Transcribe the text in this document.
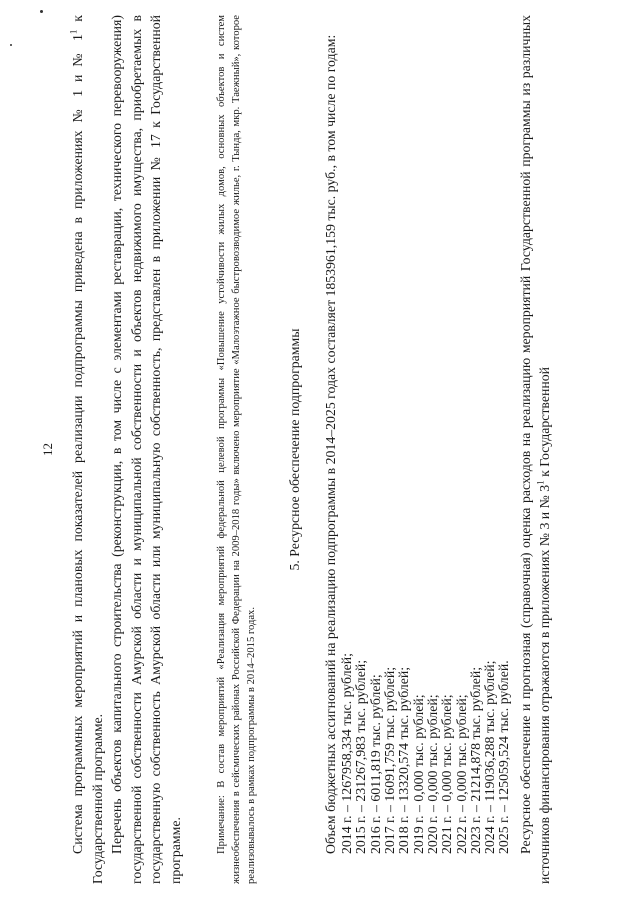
12	Система программных мероприятий и плановых показателей реализации подпрограммы приведена в приложениях № 1 и № $1^1$ к Государственной программе. Перечень объектов капитального строительства (реконструкции, в том числе с элементами реставрации, технического перевооружения) государственной собственности Амурской области и муниципальной собственности и объектов недвижимого имущества, приобретаемых в государственную собственность Амурской области или муниципальную собственность, представлен в приложении № 17 к Государственной программе.	Примечание: В состав мероприятий «Реализация мероприятий федеральной целевой программы «Повышение устойчивости жилых домов, основных объектов и систем жизнеобеспечения в сейсмических районах Российской Федерации на 2009–2018 годы» включено мероприятие «Малоэтажное быстровозводимое жилье, г. Тында, мкр. Таежный», которое реализовывалось в рамках подпрограммы в 2014–2015 годах.

5. Ресурсное обеспечение подпрограммы Объем бюджетных ассигнований на реализацию подпрограммы в 2014–2025 годах составляет 1853961,159 тыс. руб., в том числе по годам: 2014 г. – 1267958,334 тыс. рублей; 2015 г. – 231267,983 тыс. рублей; 2016 г. – 6011,819 тыс. рублей; 2017 г. – 16091,759 тыс. рублей; 2018 г. – 13320,574 тыс. рублей; 2019 г. – 0,000 тыс. рублей; 2020 г. – 0,000 тыс. рублей; 2021 г. – 0,000 тыс. рублей; 2022 г. – 0,000 тыс. рублей; 2023 г. – 21214,878 тыс. рублей; 2024 г. – 119036,288 тыс. рублей; 2025 г. – 125059,524 тыс. рублей. Ресурсное обеспечение и прогнозная (справочная) оценка расходов на реализацию мероприятий Государственной программы из различных источников финансирования отражаются в приложениях № 3 и № $3^1$ к Государственной
